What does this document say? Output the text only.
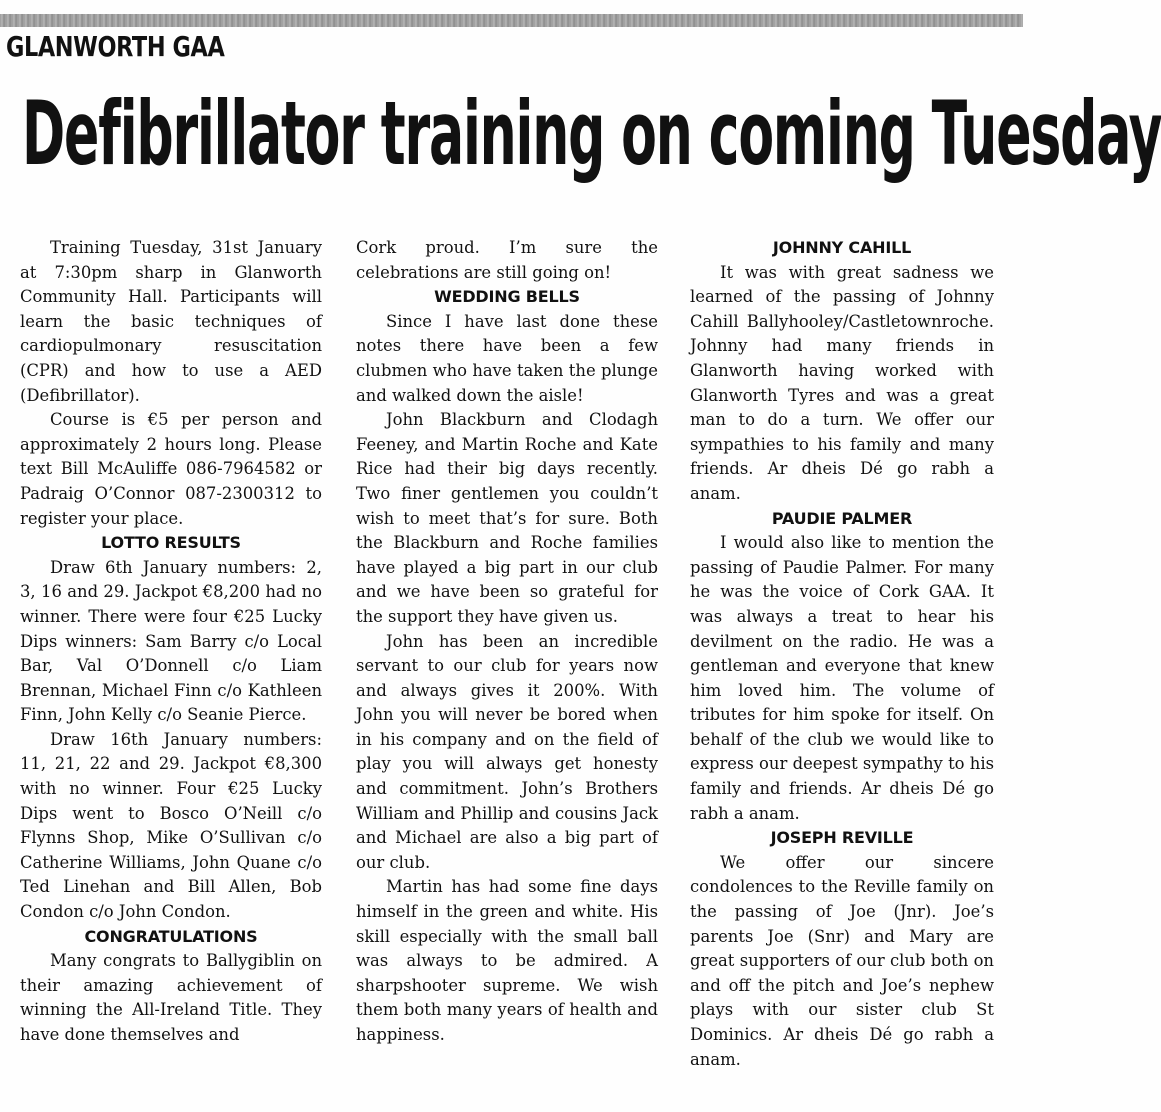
GLANWORTH GAA
Defibrillator training on coming Tuesday

Training Tuesday, 31st January at 7:30pm sharp in Glanworth Community Hall. Participants will learn the basic techniques of cardiopulmonary resuscitation (CPR) and how to use a AED (Defibrillator).

Course is €5 per person and approximately 2 hours long. Please text Bill McAuliffe 086-7964582 or Padraig O’Connor 087-2300312 to register your place.

LOTTO RESULTS

Draw 6th January numbers: 2, 3, 16 and 29. Jackpot €8,200 had no winner. There were four €25 Lucky Dips winners: Sam Barry c/o Local Bar, Val O’Donnell c/o Liam Brennan, Michael Finn c/o Kathleen Finn, John Kelly c/o Seanie Pierce.

Draw 16th January numbers: 11, 21, 22 and 29. Jackpot €8,300 with no winner. Four €25 Lucky Dips went to Bosco O’Neill c/o Flynns Shop, Mike O’Sullivan c/o Catherine Williams, John Quane c/o Ted Linehan and Bill Allen, Bob Condon c/o John Condon.

CONGRATULATIONS

Many congrats to Ballygiblin on their amazing achievement of winning the All-Ireland Title. They have done themselves and

Cork proud. I’m sure the celebrations are still going on!

WEDDING BELLS

Since I have last done these notes there have been a few clubmen who have taken the plunge and walked down the aisle!

John Blackburn and Clodagh Feeney, and Martin Roche and Kate Rice had their big days recently. Two finer gentlemen you couldn’t wish to meet that’s for sure. Both the Blackburn and Roche families have played a big part in our club and we have been so grateful for the support they have given us.

John has been an incredible servant to our club for years now and always gives it 200%. With John you will never be bored when in his company and on the field of play you will always get honesty and commitment. John’s Brothers William and Phillip and cousins Jack and Michael are also a big part of our club.

Martin has had some fine days himself in the green and white. His skill especially with the small ball was always to be admired. A sharpshooter supreme. We wish them both many years of health and happiness.

JOHNNY CAHILL

It was with great sadness we learned of the passing of Johnny Cahill Ballyhooley/Castletownroche. Johnny had many friends in Glanworth having worked with Glanworth Tyres and was a great man to do a turn. We offer our sympathies to his family and many friends. Ar dheis Dé go rabh a anam.

PAUDIE PALMER

I would also like to mention the passing of Paudie Palmer. For many he was the voice of Cork GAA. It was always a treat to hear his devilment on the radio. He was a gentleman and everyone that knew him loved him. The volume of tributes for him spoke for itself. On behalf of the club we would like to express our deepest sympathy to his family and friends. Ar dheis Dé go rabh a anam.

JOSEPH REVILLE

We offer our sincere condolences to the Reville family on the passing of Joe (Jnr). Joe’s parents Joe (Snr) and Mary are great supporters of our club both on and off the pitch and Joe’s nephew plays with our sister club St Dominics. Ar dheis Dé go rabh a anam.
